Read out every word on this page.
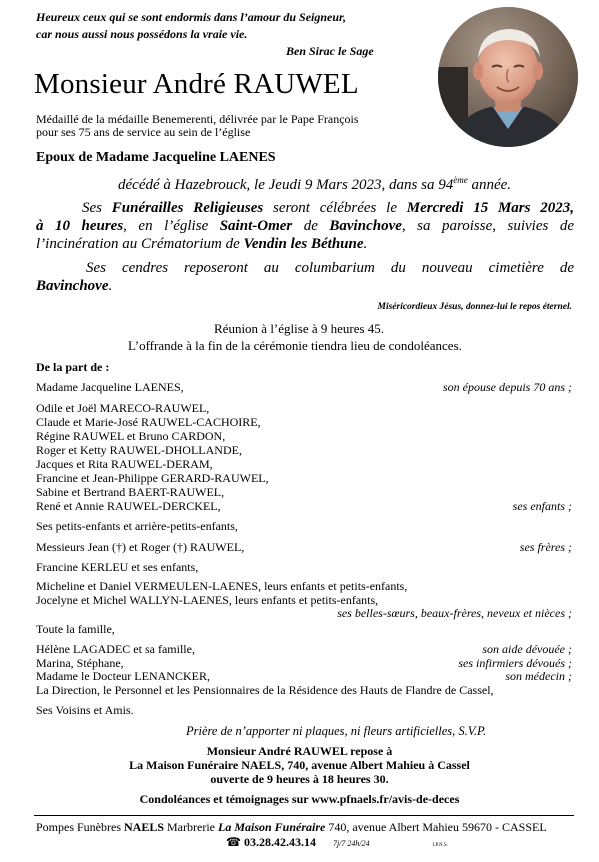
Heureux ceux qui se sont endormis dans l’amour du Seigneur,
car nous aussi nous possédons la vraie vie.
Ben Sirac le Sage
Monsieur André RAUWEL
Médaillé de la médaille Benemerenti, délivrée par le Pape François
pour ses 75 ans de service au sein de l’église
Epoux de Madame Jacqueline LAENES
décédé à Hazebrouck, le Jeudi 9 Mars 2023, dans sa 94ème année.
Ses Funérailles Religieuses seront célébrées le Mercredi 15 Mars 2023,
à 10 heures, en l’église Saint-Omer de Bavinchove, sa paroisse, suivies de
l’incinération au Crématorium de Vendin les Béthune.
Ses cendres reposeront au columbarium du nouveau cimetière de
Bavinchove.
Miséricordieux Jésus, donnez-lui le repos éternel.
Réunion à l’église à 9 heures 45.
L’offrande à la fin de la cérémonie tiendra lieu de condoléances.
De la part de :
Madame Jacqueline LAENES,	son épouse depuis 70 ans ;
Odile et Joël MARECO-RAUWEL,
Claude et Marie-José RAUWEL-CACHOIRE,
Régine RAUWEL et Bruno CARDON,
Roger et Ketty RAUWEL-DHOLLANDE,
Jacques et Rita RAUWEL-DERAM,
Francine et Jean-Philippe GERARD-RAUWEL,
Sabine et Bertrand BAERT-RAUWEL,
René et Annie RAUWEL-DERCKEL,	ses enfants ;
Ses petits-enfants et arrière-petits-enfants,
Messieurs Jean (†) et Roger (†) RAUWEL,	ses frères ;
Francine KERLEU et ses enfants,
Micheline et Daniel VERMEULEN-LAENES, leurs enfants et petits-enfants,
Jocelyne et Michel WALLYN-LAENES, leurs enfants et petits-enfants,
ses belles-sœurs, beaux-frères, neveux et nièces ;
Toute la famille,
Hélène LAGADEC et sa famille,	son aide dévouée ;
Marina, Stéphane,	ses infirmiers dévoués ;
Madame le Docteur LENANCKER,	son médecin ;
La Direction, le Personnel et les Pensionnaires de la Résidence des Hauts de Flandre de Cassel,
Ses Voisins et Amis.
Prière de n’apporter ni plaques, ni fleurs artificielles, S.V.P.
Monsieur André RAUWEL repose à
La Maison Funéraire NAELS, 740, avenue Albert Mahieu à Cassel
ouverte de 9 heures à 18 heures 30.
Condoléances et témoignages sur www.pfnaels.fr/avis-de-deces
Pompes Funèbres NAELS Marbrerie La Maison Funéraire 740, avenue Albert Mahieu 59670 - CASSEL
☎ 03.28.42.43.14 7j/7 24h/24	I.P.N.S.
